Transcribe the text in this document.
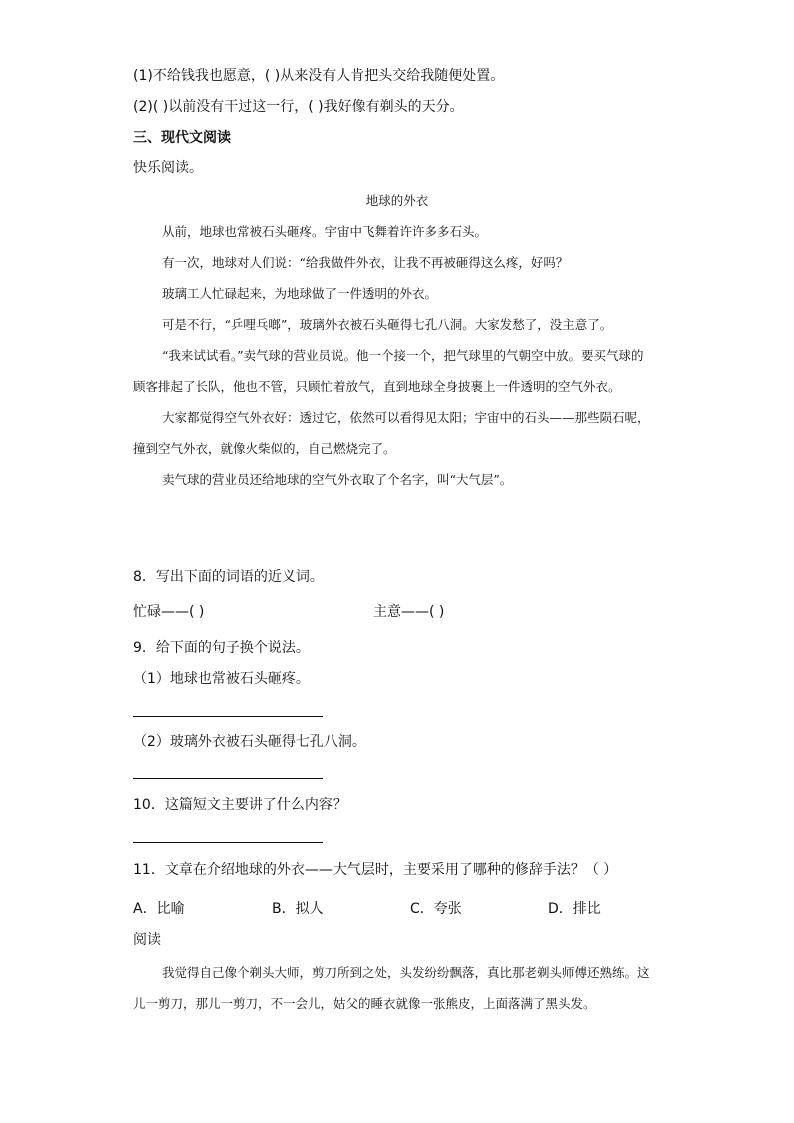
(1)不给钱我也愿意，( )从来没有人肯把头交给我随便处置。
(2)( )以前没有干过这一行，( )我好像有剃头的天分。
三、现代文阅读
快乐阅读。
地球的外衣

从前，地球也常被石头砸疼。宇宙中飞舞着许许多多石头。

有一次，地球对人们说：“给我做件外衣，让我不再被砸得这么疼，好吗？

玻璃工人忙碌起来，为地球做了一件透明的外衣。

可是不行，“乒哩乓啷”，玻璃外衣被石头砸得七孔八洞。大家发愁了，没主意了。

“我来试试看。”卖气球的营业员说。他一个接一个，把气球里的气朝空中放。要买气球的顾客排起了长队，他也不管，只顾忙着放气，直到地球全身披裹上一件透明的空气外衣。

大家都觉得空气外衣好：透过它，依然可以看得见太阳；宇宙中的石头——那些陨石呢，撞到空气外衣，就像火柴似的，自己燃烧完了。

卖气球的营业员还给地球的空气外衣取了个名字，叫“大气层”。

8．写出下面的词语的近义词。
忙碌——( )	主意——( )
9．给下面的句子换个说法。
（1）地球也常被石头砸疼。
（2）玻璃外衣被石头砸得七孔八洞。
10．这篇短文主要讲了什么内容？
11．文章在介绍地球的外衣——大气层时，主要采用了哪种的修辞手法？（ ）
A．比喻	B．拟人	C．夸张	D．排比
阅读

我觉得自己像个剃头大师，剪刀所到之处，头发纷纷飘落，真比那老剃头师傅还熟练。这儿一剪刀，那儿一剪刀，不一会儿，姑父的睡衣就像一张熊皮，上面落满了黑头发。
